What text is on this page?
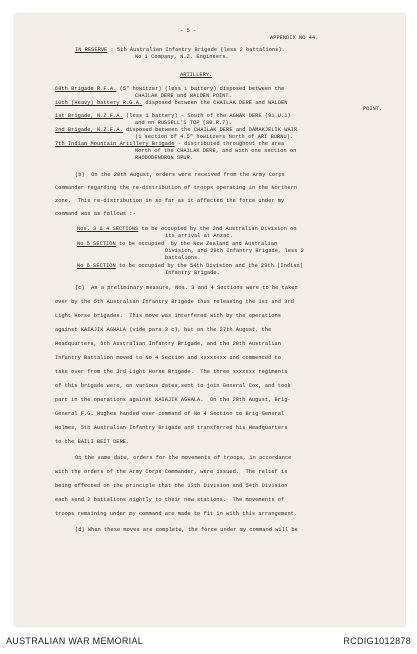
- 5 -
APPENDIX NO 44.
IN RESERVE : 5th Australian Infantry Brigade (less 2 battalions).
No 1 Company, N.Z. Engineers.
ARTILLERY.
69th Brigade R.F.A. (5" howitzer) (less 1 battery) disposed between the
CHAILAK DERE and WALDEN POINT.
10th (Heavy) battery R.G.A. disposed between the CHAILAK DERE and WALDEN
POINT.
1st Brigade, N.Z.F.A. (less 1 battery) - South of the AGHAK DERE (91.U.1)
and on RUSSELL'S TOP (80.R.7).
2nd Brigade, N.Z.F.A. disposed between the CHAILAK DERE and DAMAKJELIK WAIR
(1 section of 4.5" howitzers North of ARI BURNU).
7th Indian Mountain Artillery Brigade - distributed throughout the area
North of the CHAILAK DERE, and with one section on
RHODODENDRON SPUR.
(b)  On the 28th August, orders were received from the Army Corps
Commander regarding the re-distribution of troops operating in the Northern
zone.  This re-distribution in so far as it affected the force under my
command was as follows :-
Nos. 3 & 4 SECTIONS to be occupied by the 2nd Australian Division on
its arrival at Anzac.
No 5 SECTION to be occupied  by the New Zealand and Australian
Division, and 29th Infantry Brigade, less 3
battalions.
No 6 SECTION to be occupied by the 54th Division and the 29th (Indian)
Infantry Brigade.
(c)  As a preliminary measure, Nos. 3 and 4 Sections were to be taken
over by the 5th Australian Infantry Brigade thus releasing the 1st and 3rd
Light Horse brigades.  This move was interfered with by the operations
against KAIAJIK AGHALA (vide para 3 c), but on the 27th August, the
Headquarters, 5th Australian Infantry Brigade, and the 20th Australian
Infantry Battalion moved to No 4 Section and xxxxxxxx and commenced to
take over from the 3rd Light Horse Brigade.  The three xxxxxxx regiments
of this brigade were, on various dates,sent to join General Cox, and took
part in the operations against KAIAJIK AGHALA.  On the 28th August, Brig-
General F.G. Hughes handed over command of No 4 Section to Brig-General
Holmes, 5th Australian Infantry Brigade and transferred his Headquarters
to the BAILI BEIT DERE.
On the same date, orders for the movements of troops, in accordance
with the orders of the Army Corps Commander, were issued.  The relief is
being effected on the principle that the 13th Division and 54th Division
each send 2 battalions nightly to their new stations.  The movements of
troops remaining under my command are made to fit in with this arrangement.
(d) When these moves are complete, the force under my command will be
AUSTRALIAN WAR MEMORIAL	RCDIG1012878
